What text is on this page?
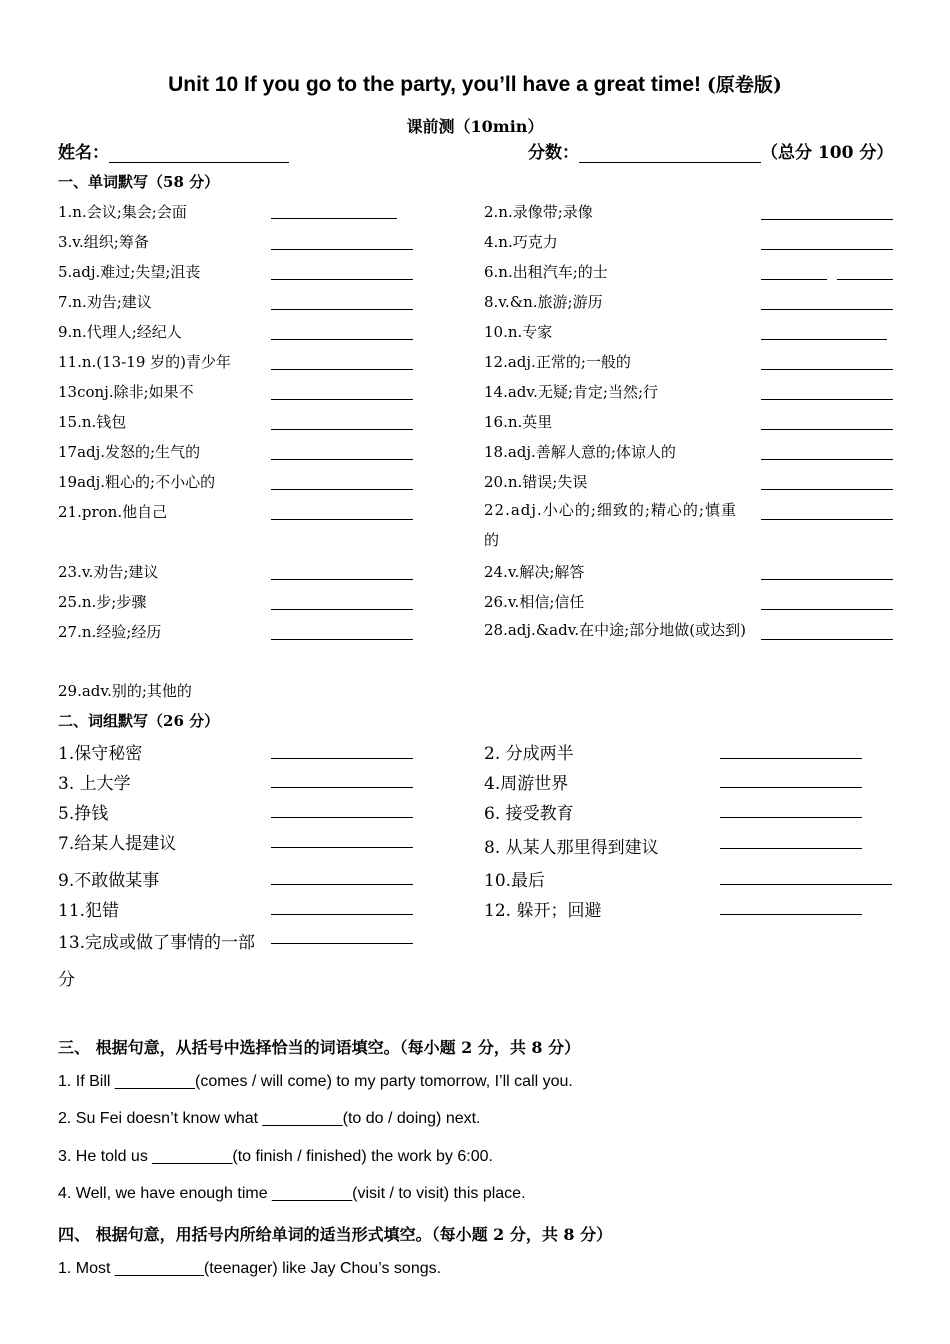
Unit 10 If you go to the party, you’ll have a great time! (原卷版)
课前测（10min）
姓名：	分数：	（总分 100 分）
一、单词默写（58 分）
1.n.会议;集会;会面
3.v.组织;筹备
5.adj.难过;失望;沮丧
7.n.劝告;建议
9.n.代理人;经纪人
11.n.(13-19 岁的)青少年
13conj.除非;如果不
15.n.钱包
17adj.发怒的;生气的
19adj.粗心的;不小心的
21.pron.他自己
23.v.劝告;建议
25.n.步;步骤
27.n.经验;经历
29.adv.别的;其他的
2.n.录像带;录像
4.n.巧克力
6.n.出租汽车;的士
8.v.&n.旅游;游历
10.n.专家
12.adj.正常的;一般的
14.adv.无疑;肯定;当然;行
16.n.英里
18.adj.善解人意的;体谅人的
20.n.错误;失误
22.adj.小心的;细致的;精心的;慎重的
24.v.解决;解答
26.v.相信;信任
28.adj.&adv.在中途;部分地做(或达到)
二、词组默写（26 分）
1.保守秘密
3. 上大学
5.挣钱
7.给某人提建议
9.不敢做某事
11.犯错
13.完成或做了事情的一部分
2. 分成两半
4.周游世界
6. 接受教育
8. 从某人那里得到建议
10.最后
12. 躲开；回避
三、 根据句意，从括号中选择恰当的词语填空。（每小题 2 分，共 8 分）
1. If Bill _________(comes / will come) to my party tomorrow, I’ll call you.
2. Su Fei doesn’t know what _________(to do / doing) next.
3. He told us _________(to finish / finished) the work by 6:00.
4. Well, we have enough time _________(visit / to visit) this place.
四、 根据句意，用括号内所给单词的适当形式填空。（每小题 2 分，共 8 分）
1. Most __________(teenager) like Jay Chou’s songs.
